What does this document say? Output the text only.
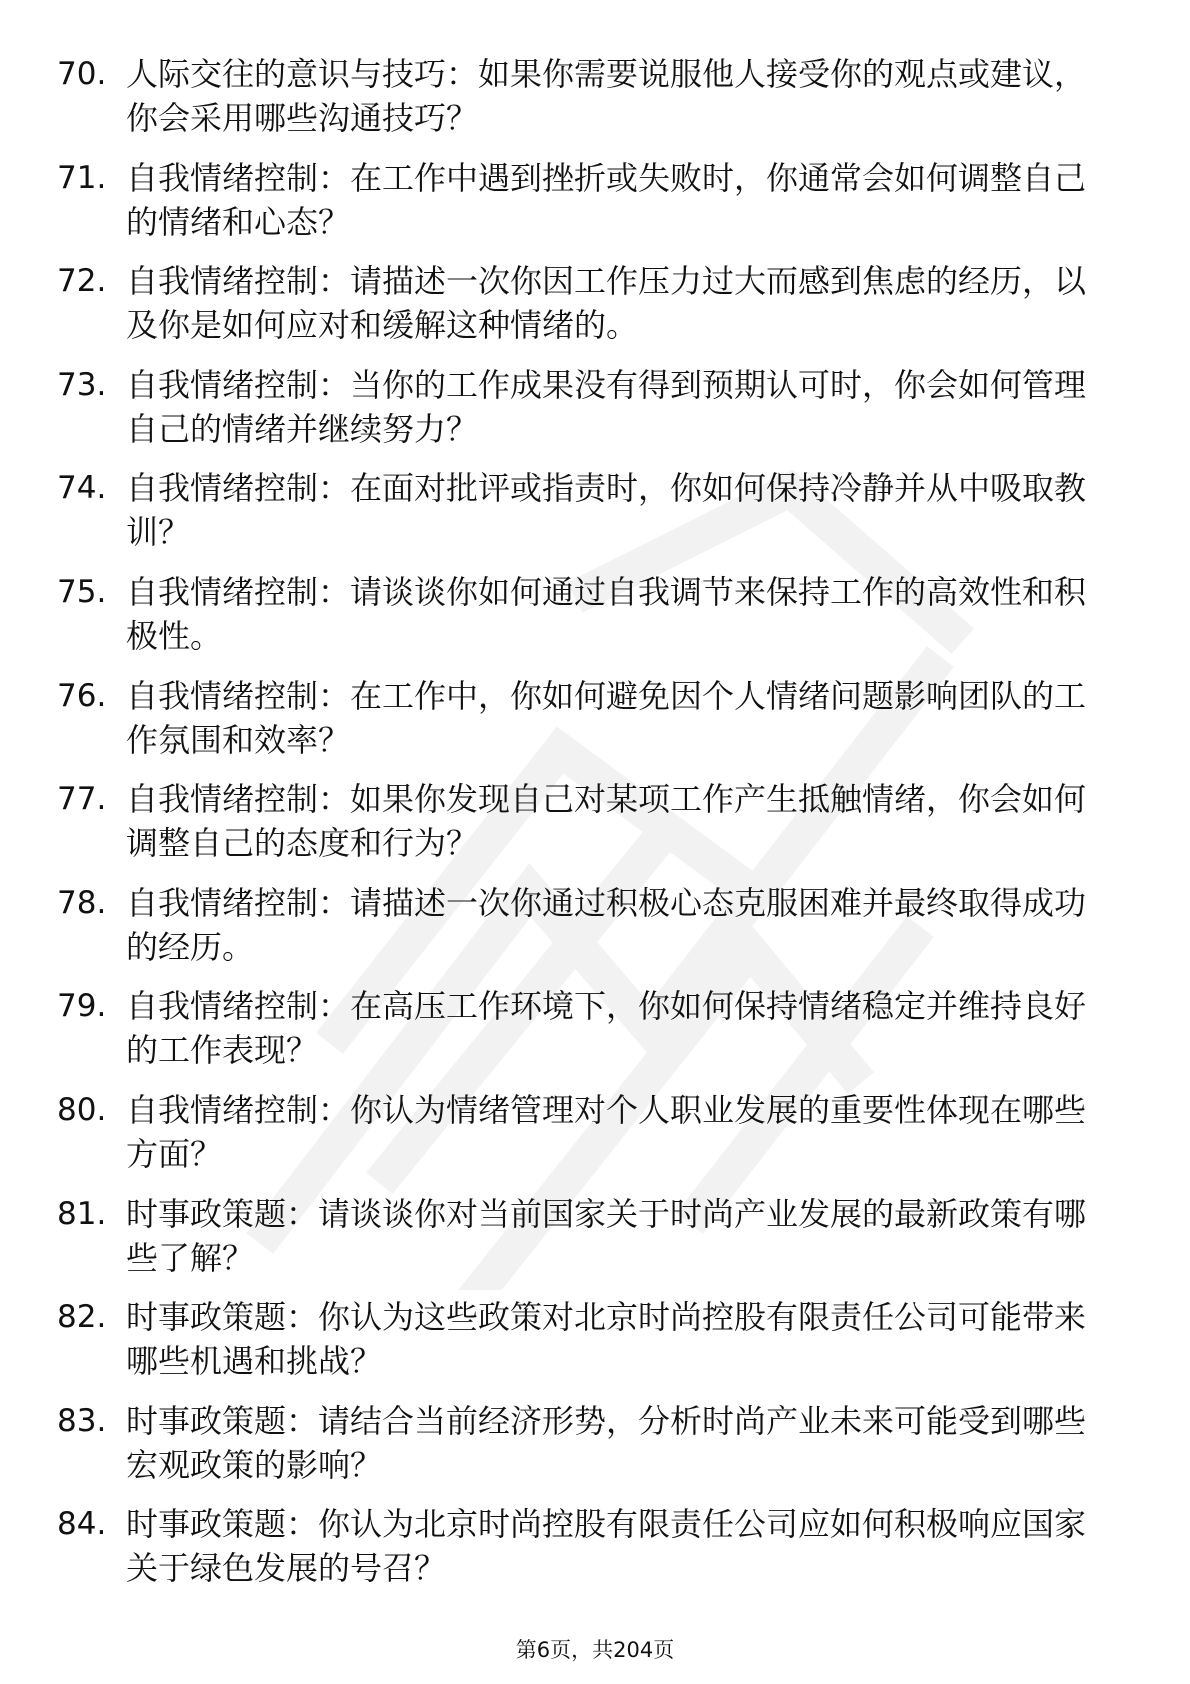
70. 人际交往的意识与技巧：如果你需要说服他人接受你的观点或建议，你会采用哪些沟通技巧？
71. 自我情绪控制：在工作中遇到挫折或失败时，你通常会如何调整自己的情绪和心态？
72. 自我情绪控制：请描述一次你因工作压力过大而感到焦虑的经历，以及你是如何应对和缓解这种情绪的。
73. 自我情绪控制：当你的工作成果没有得到预期认可时，你会如何管理自己的情绪并继续努力？
74. 自我情绪控制：在面对批评或指责时，你如何保持冷静并从中吸取教训？
75. 自我情绪控制：请谈谈你如何通过自我调节来保持工作的高效性和积极性。
76. 自我情绪控制：在工作中，你如何避免因个人情绪问题影响团队的工作氛围和效率？
77. 自我情绪控制：如果你发现自己对某项工作产生抵触情绪，你会如何调整自己的态度和行为？
78. 自我情绪控制：请描述一次你通过积极心态克服困难并最终取得成功的经历。
79. 自我情绪控制：在高压工作环境下，你如何保持情绪稳定并维持良好的工作表现？
80. 自我情绪控制：你认为情绪管理对个人职业发展的重要性体现在哪些方面？
81. 时事政策题：请谈谈你对当前国家关于时尚产业发展的最新政策有哪些了解？
82. 时事政策题：你认为这些政策对北京时尚控股有限责任公司可能带来哪些机遇和挑战？
83. 时事政策题：请结合当前经济形势，分析时尚产业未来可能受到哪些宏观政策的影响？
84. 时事政策题：你认为北京时尚控股有限责任公司应如何积极响应国家关于绿色发展的号召？
第6页，共204页
